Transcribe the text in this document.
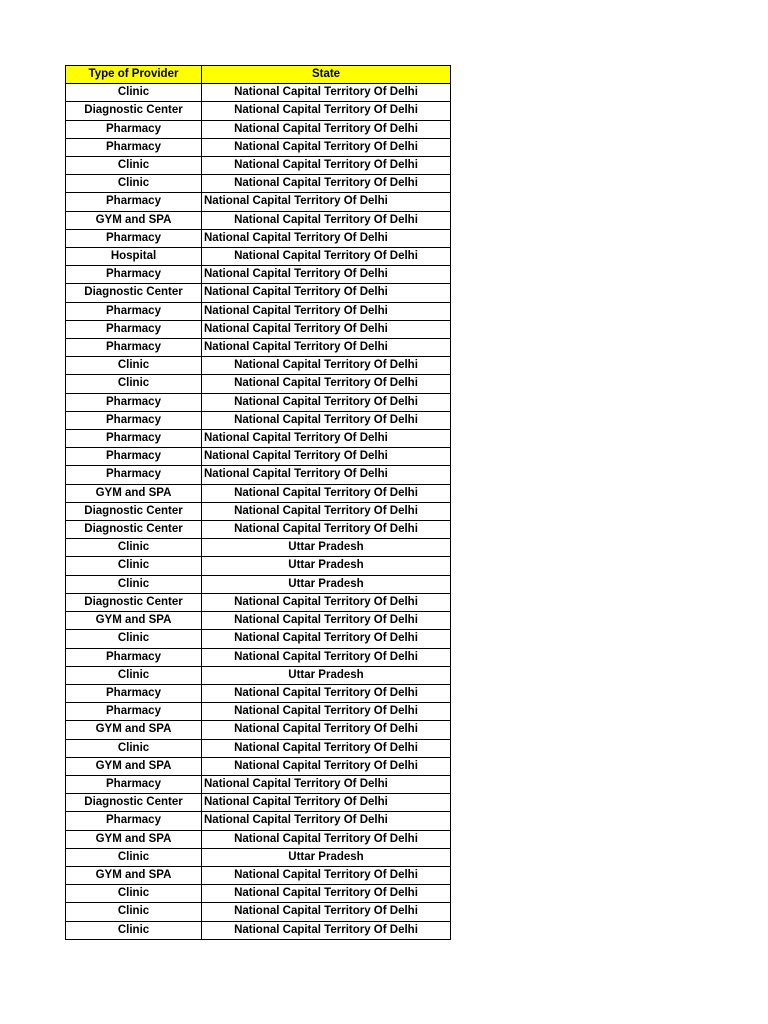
Type of Provider	State
Clinic	National Capital Territory Of Delhi
Diagnostic Center	National Capital Territory Of Delhi
Pharmacy	National Capital Territory Of Delhi
Pharmacy	National Capital Territory Of Delhi
Clinic	National Capital Territory Of Delhi
Clinic	National Capital Territory Of Delhi
Pharmacy	National Capital Territory Of Delhi
GYM and SPA	National Capital Territory Of Delhi
Pharmacy	National Capital Territory Of Delhi
Hospital	National Capital Territory Of Delhi
Pharmacy	National Capital Territory Of Delhi
Diagnostic Center	National Capital Territory Of Delhi
Pharmacy	National Capital Territory Of Delhi
Pharmacy	National Capital Territory Of Delhi
Pharmacy	National Capital Territory Of Delhi
Clinic	National Capital Territory Of Delhi
Clinic	National Capital Territory Of Delhi
Pharmacy	National Capital Territory Of Delhi
Pharmacy	National Capital Territory Of Delhi
Pharmacy	National Capital Territory Of Delhi
Pharmacy	National Capital Territory Of Delhi
Pharmacy	National Capital Territory Of Delhi
GYM and SPA	National Capital Territory Of Delhi
Diagnostic Center	National Capital Territory Of Delhi
Diagnostic Center	National Capital Territory Of Delhi
Clinic	Uttar Pradesh
Clinic	Uttar Pradesh
Clinic	Uttar Pradesh
Diagnostic Center	National Capital Territory Of Delhi
GYM and SPA	National Capital Territory Of Delhi
Clinic	National Capital Territory Of Delhi
Pharmacy	National Capital Territory Of Delhi
Clinic	Uttar Pradesh
Pharmacy	National Capital Territory Of Delhi
Pharmacy	National Capital Territory Of Delhi
GYM and SPA	National Capital Territory Of Delhi
Clinic	National Capital Territory Of Delhi
GYM and SPA	National Capital Territory Of Delhi
Pharmacy	National Capital Territory Of Delhi
Diagnostic Center	National Capital Territory Of Delhi
Pharmacy	National Capital Territory Of Delhi
GYM and SPA	National Capital Territory Of Delhi
Clinic	Uttar Pradesh
GYM and SPA	National Capital Territory Of Delhi
Clinic	National Capital Territory Of Delhi
Clinic	National Capital Territory Of Delhi
Clinic	National Capital Territory Of Delhi
